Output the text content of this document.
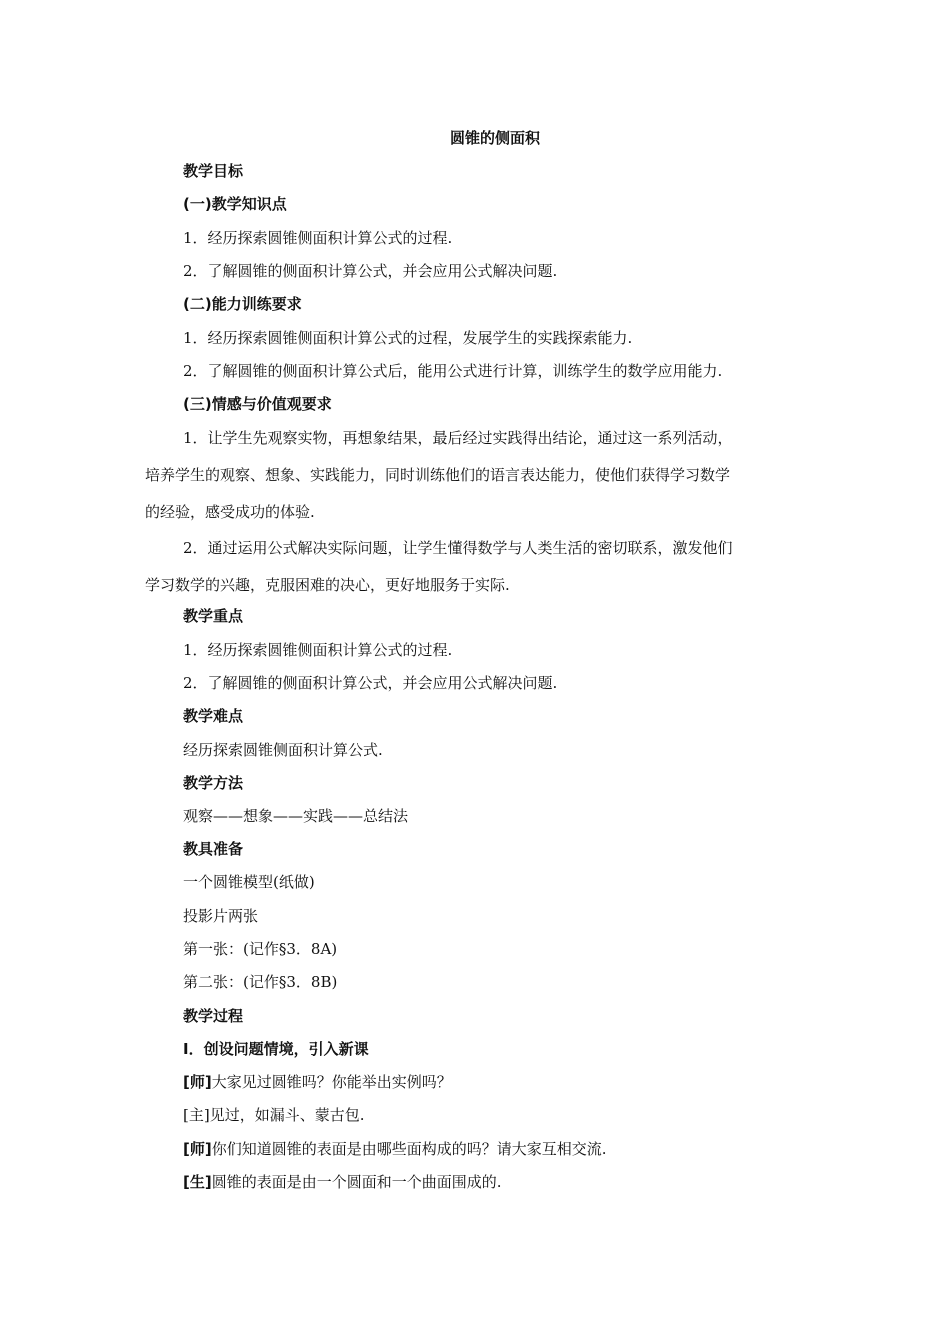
圆锥的侧面积
教学目标
(一)教学知识点
1．经历探索圆锥侧面积计算公式的过程.
2．了解圆锥的侧面积计算公式，并会应用公式解决问题.
(二)能力训练要求
1．经历探索圆锥侧面积计算公式的过程，发展学生的实践探索能力.
2．了解圆锥的侧面积计算公式后，能用公式进行计算，训练学生的数学应用能力.
(三)情感与价值观要求
1．让学生先观察实物，再想象结果，最后经过实践得出结论，通过这一系列活动，
培养学生的观察、想象、实践能力，同时训练他们的语言表达能力，使他们获得学习数学
的经验，感受成功的体验.
2．通过运用公式解决实际问题，让学生懂得数学与人类生活的密切联系，激发他们
学习数学的兴趣，克服困难的决心，更好地服务于实际.
教学重点
1．经历探索圆锥侧面积计算公式的过程.
2．了解圆锥的侧面积计算公式，并会应用公式解决问题.
教学难点
经历探索圆锥侧面积计算公式.
教学方法
观察——想象——实践——总结法
教具准备
一个圆锥模型(纸做)
投影片两张
第一张：(记作§3．8A)
第二张：(记作§3．8B)
教学过程
Ⅰ．创设问题情境，引入新课
[师]大家见过圆锥吗？你能举出实例吗？
[主]见过，如漏斗、蒙古包.
[师]你们知道圆锥的表面是由哪些面构成的吗？请大家互相交流.
[生]圆锥的表面是由一个圆面和一个曲面围成的.
